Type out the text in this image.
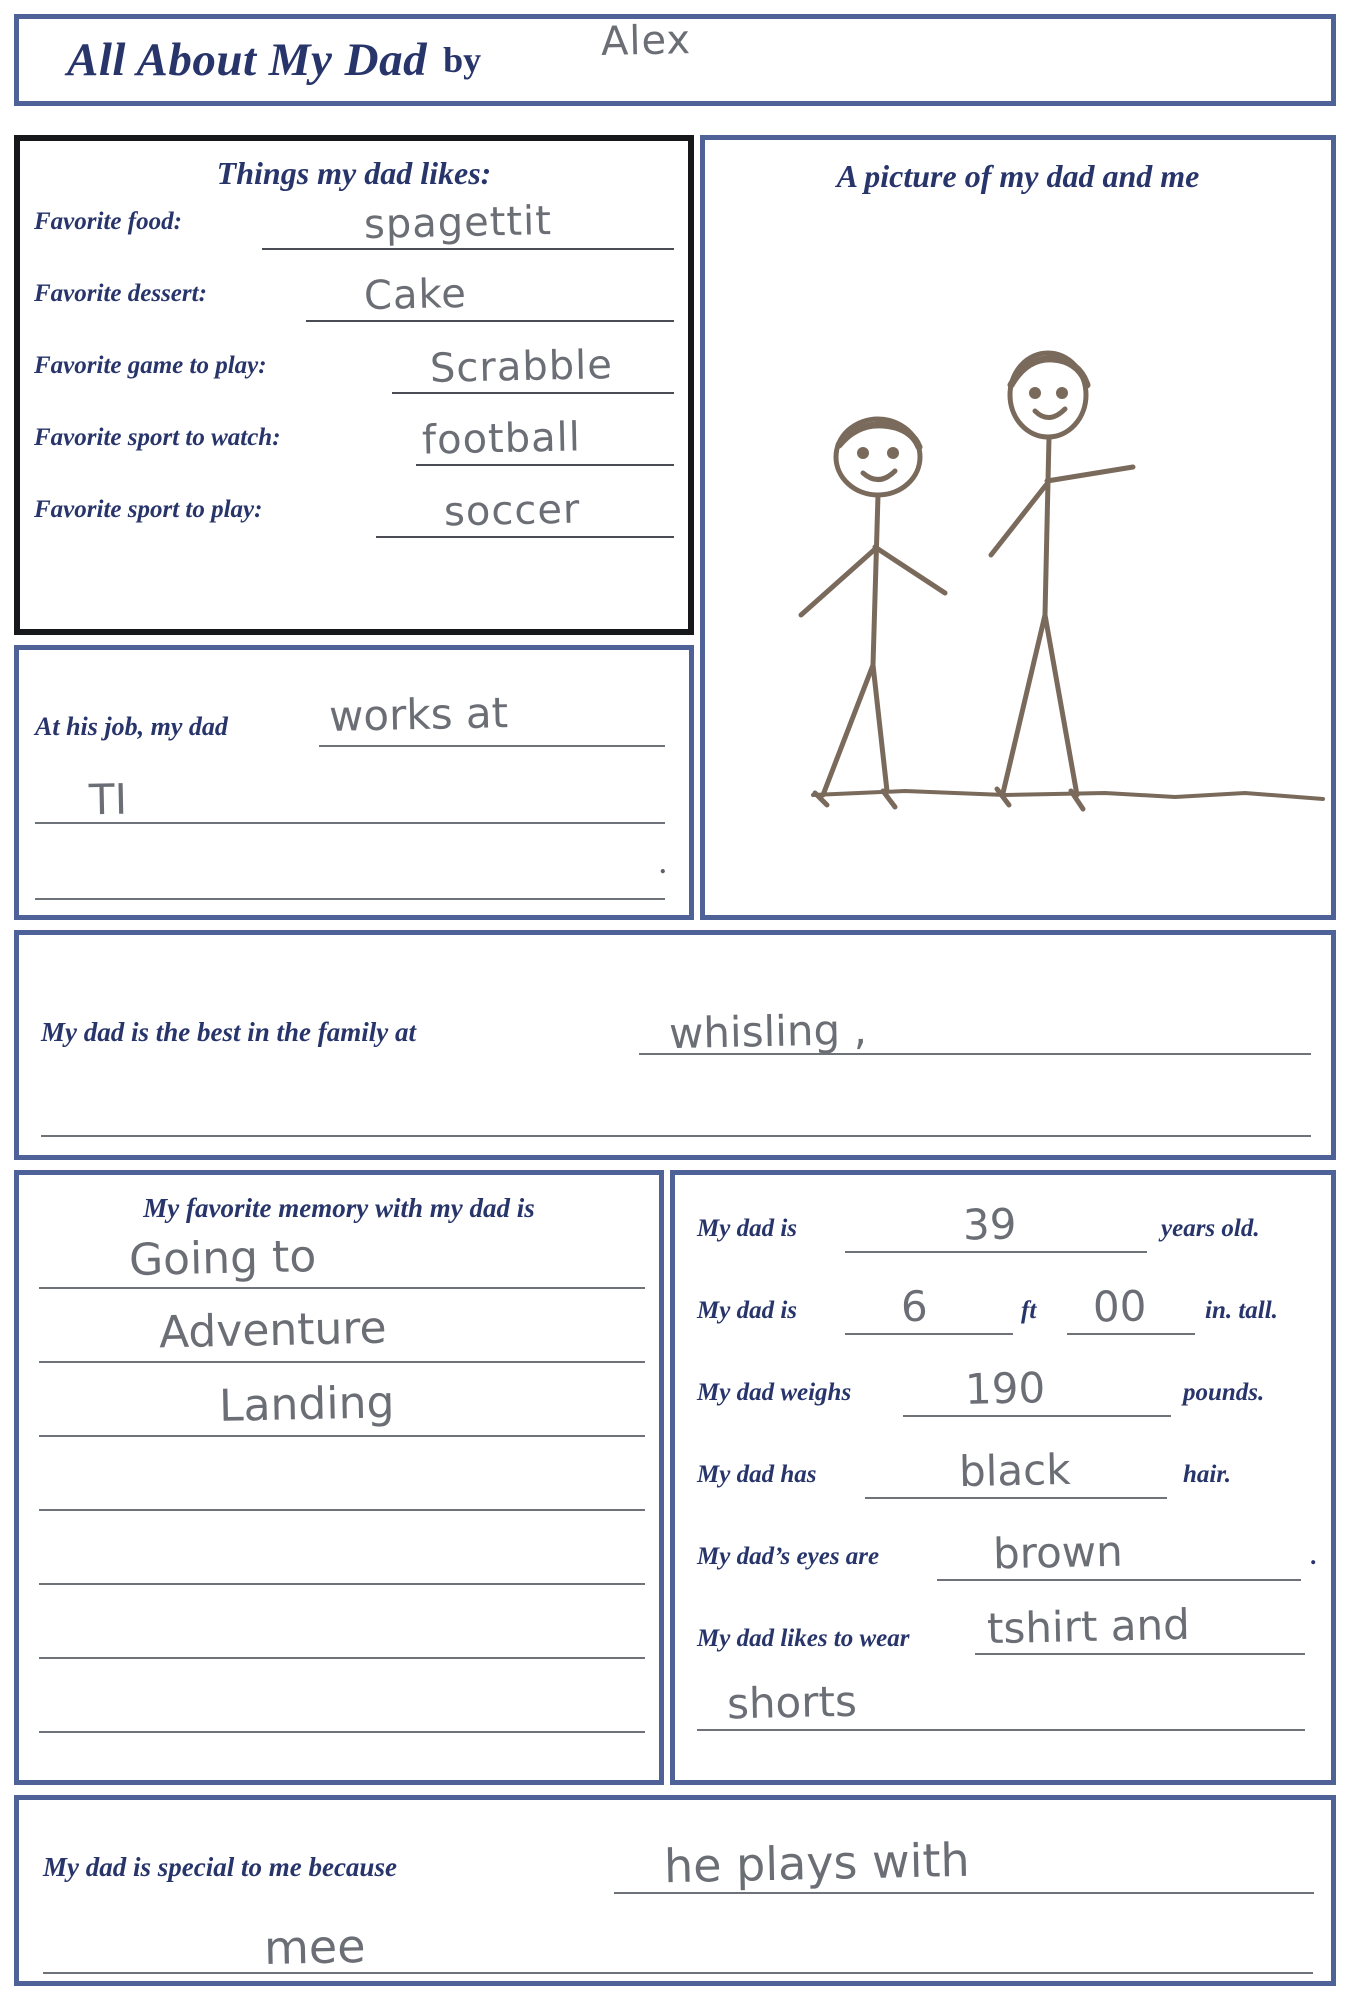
All About My Dad by	Alex
Things my dad likes:
Favorite food:	spagettit
Favorite dessert:	Cake
Favorite game to play:	Scrabble
Favorite sport to watch:	football
Favorite sport to play:	soccer
At his job, my dad works at
TI
.
A picture of my dad and me
My dad is the best in the family at	whisling ,
My favorite memory with my dad is
Going to
Adventure
Landing
My dad is	39	years old.
My dad is 6	ft 00 in. tall.
My dad weighs	190	pounds.
My dad has	black	hair.
My dad’s eyes are	brown	.
My dad likes to wear tshirt and
shorts
My dad is special to me because	he plays with
mee
